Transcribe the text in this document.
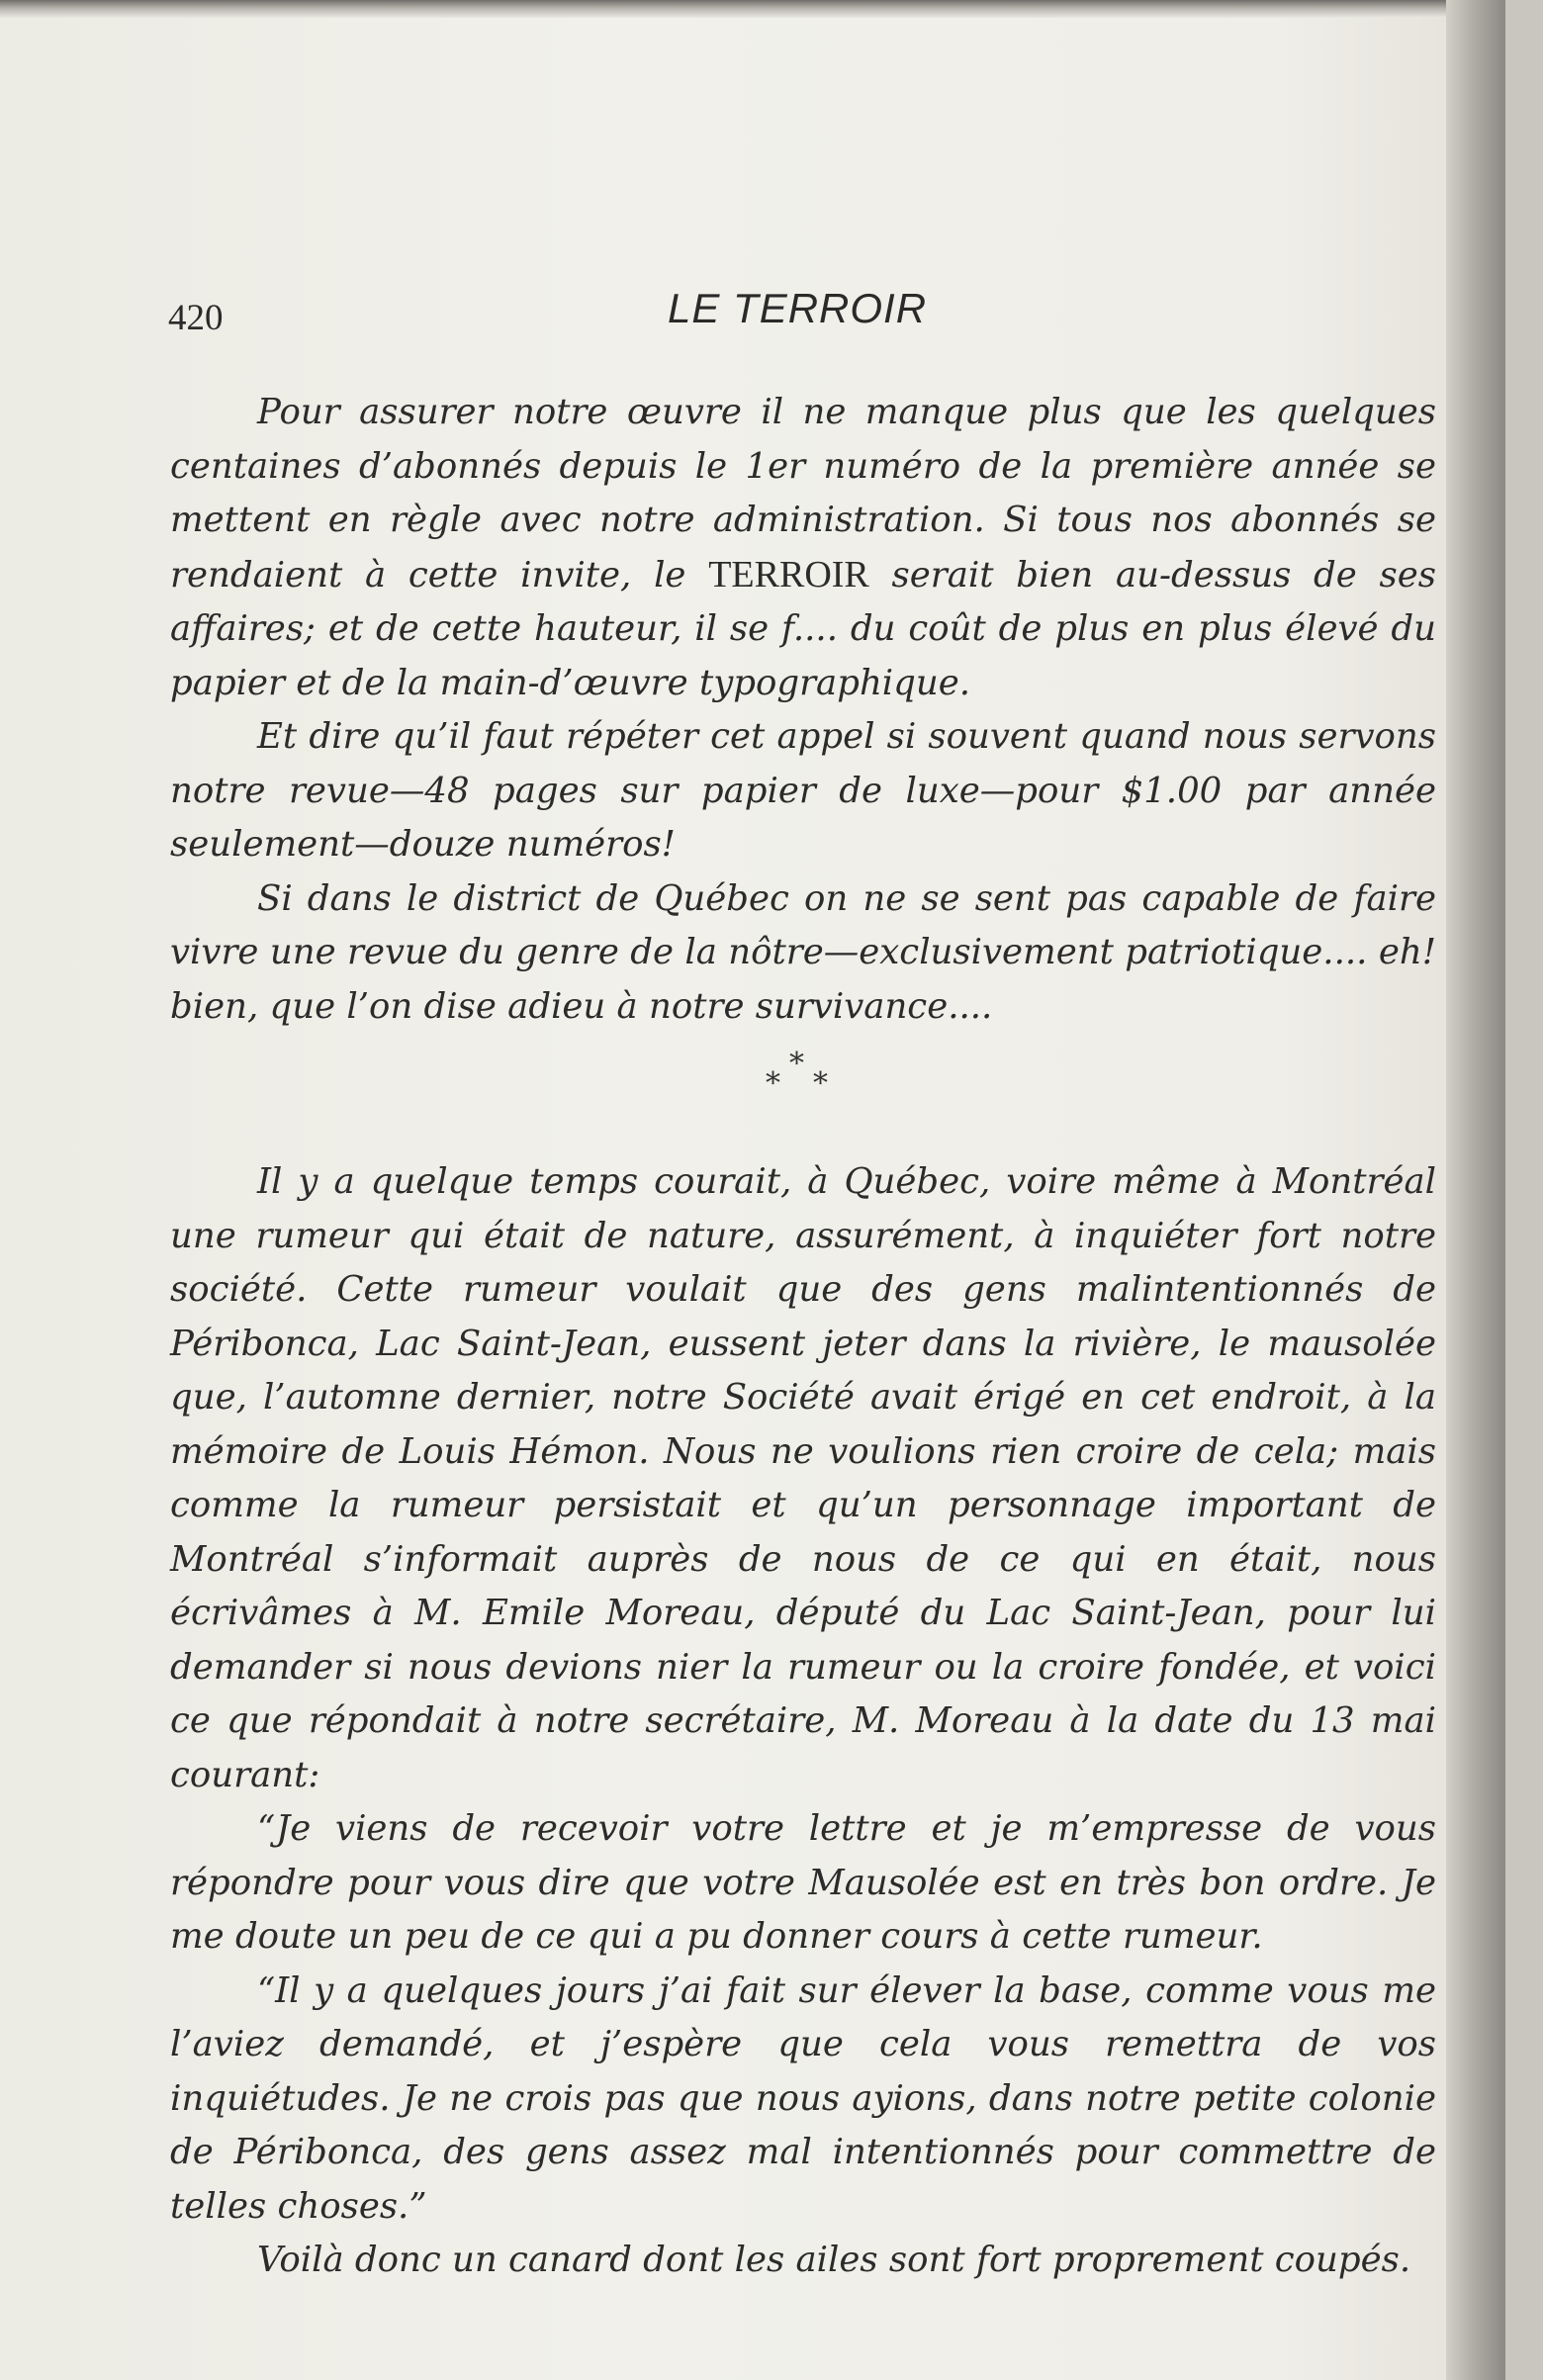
420	LE TERROIR

Pour assurer notre œuvre il ne manque plus que les quelques centaines d’abonnés depuis le 1er numéro de la première année se mettent en règle avec notre administration. Si tous nos abonnés se rendaient à cette invite, le TERROIR serait bien au-dessus de ses affaires; et de cette hauteur, il se f.... du coût de plus en plus élevé du papier et de la main-d’œuvre typographique.

Et dire qu’il faut répéter cet appel si souvent quand nous servons notre revue—48 pages sur papier de luxe—pour $1.00 par année seulement—douze numéros!

Si dans le district de Québec on ne se sent pas capable de faire vivre une revue du genre de la nôtre—exclusivement patriotique.... eh! bien, que l’on dise adieu à notre survivance....

*
* *

Il y a quelque temps courait, à Québec, voire même à Montréal une rumeur qui était de nature, assurément, à inquiéter fort notre société. Cette rumeur voulait que des gens malintentionnés de Péribonca, Lac Saint-Jean, eussent jeter dans la rivière, le mausolée que, l’automne dernier, notre Société avait érigé en cet endroit, à la mémoire de Louis Hémon. Nous ne voulions rien croire de cela; mais comme la rumeur persistait et qu’un personnage important de Montréal s’informait auprès de nous de ce qui en était, nous écrivâmes à M. Emile Moreau, député du Lac Saint-Jean, pour lui demander si nous devions nier la rumeur ou la croire fondée, et voici ce que répondait à notre secrétaire, M. Moreau à la date du 13 mai courant:

“Je viens de recevoir votre lettre et je m’empresse de vous répondre pour vous dire que votre Mausolée est en très bon ordre. Je me doute un peu de ce qui a pu donner cours à cette rumeur.

“Il y a quelques jours j’ai fait sur élever la base, comme vous me l’aviez demandé, et j’espère que cela vous remettra de vos inquiétudes. Je ne crois pas que nous ayions, dans notre petite colonie de Péribonca, des gens assez mal intentionnés pour commettre de telles choses.”

Voilà donc un canard dont les ailes sont fort proprement coupés.
